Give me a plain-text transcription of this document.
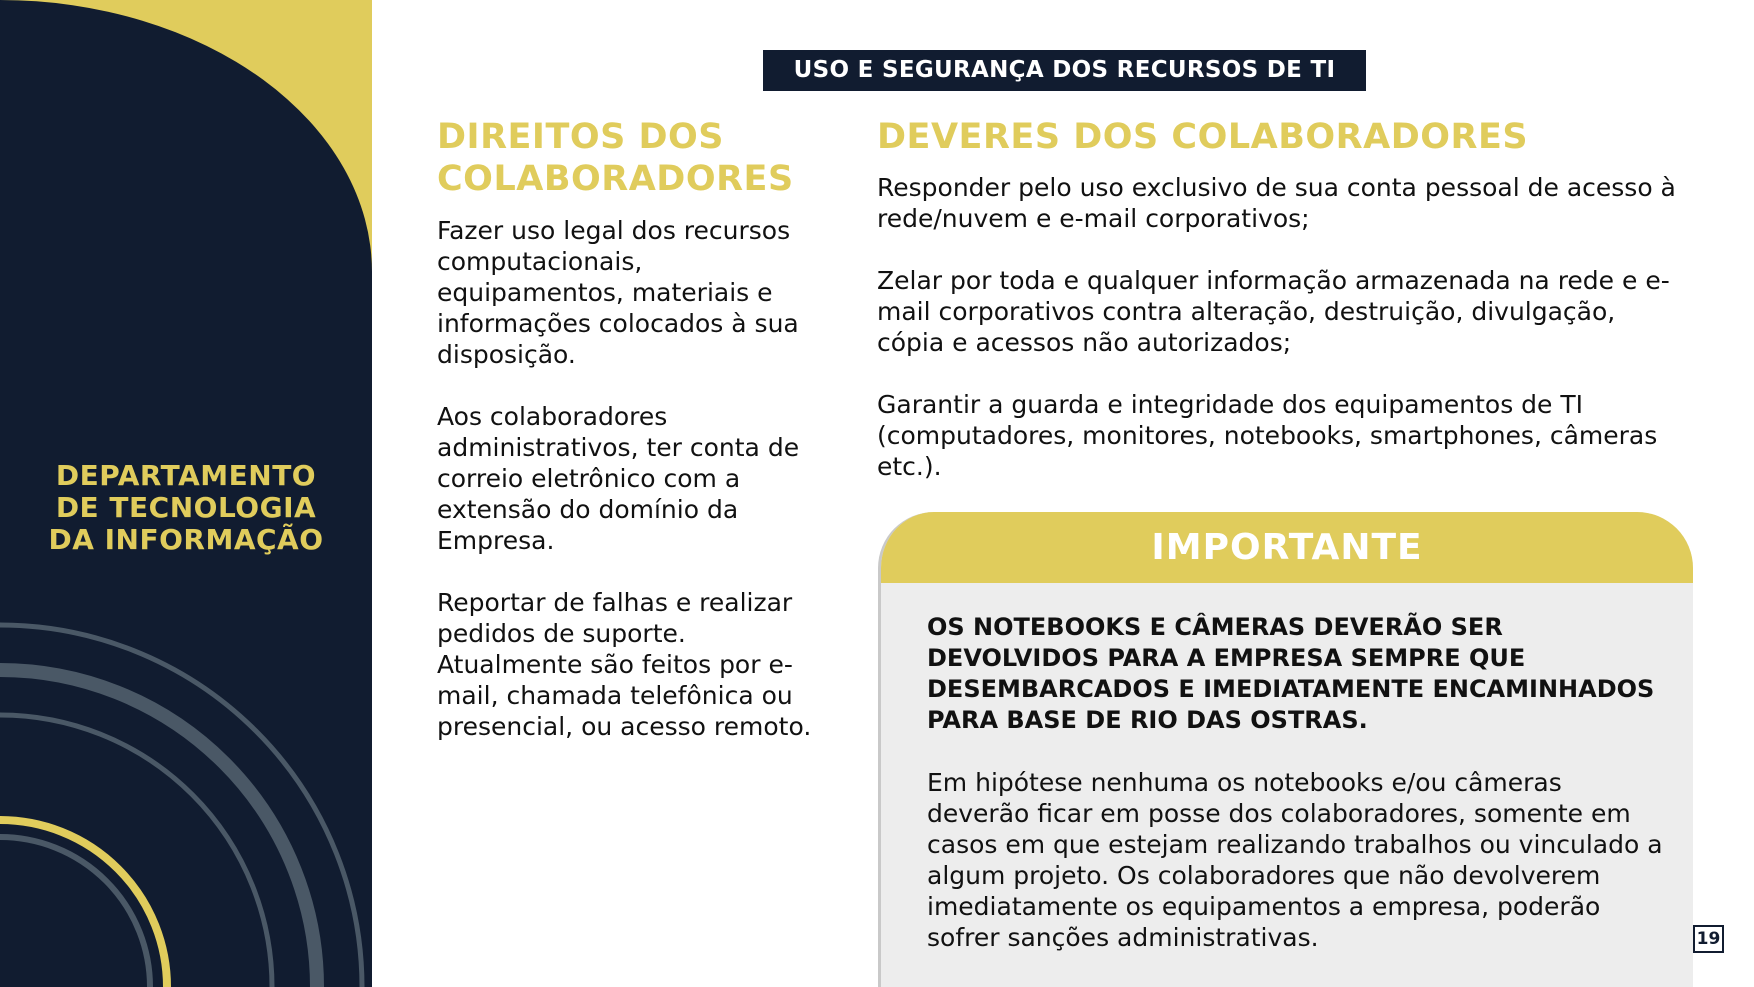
DEPARTAMENTO
DE TECNOLOGIA
DA INFORMAÇÃO
USO E SEGURANÇA DOS RECURSOS DE TI
DIREITOS DOS COLABORADORES

Fazer uso legal dos recursos computacionais, equipamentos, materiais e informações colocados à sua disposição.

Aos colaboradores administrativos, ter conta de correio eletrônico com a extensão do domínio da Empresa.

Reportar de falhas e realizar pedidos de suporte. Atualmente são feitos por e-mail, chamada telefônica ou presencial, ou acesso remoto.

DEVERES DOS COLABORADORES

Responder pelo uso exclusivo de sua conta pessoal de acesso à rede/nuvem e e-mail corporativos;

Zelar por toda e qualquer informação armazenada na rede e e-mail corporativos contra alteração, destruição, divulgação, cópia e acessos não autorizados;

Garantir a guarda e integridade dos equipamentos de TI (computadores, monitores, notebooks, smartphones, câmeras etc.).

IMPORTANTE
OS NOTEBOOKS E CÂMERAS DEVERÃO SER DEVOLVIDOS PARA A EMPRESA SEMPRE QUE DESEMBARCADOS E IMEDIATAMENTE ENCAMINHADOS PARA BASE DE RIO DAS OSTRAS.
Em hipótese nenhuma os notebooks e/ou câmeras deverão ficar em posse dos colaboradores, somente em casos em que estejam realizando trabalhos ou vinculado a algum projeto. Os colaboradores que não devolverem imediatamente os equipamentos a empresa, poderão sofrer sanções administrativas.	19
